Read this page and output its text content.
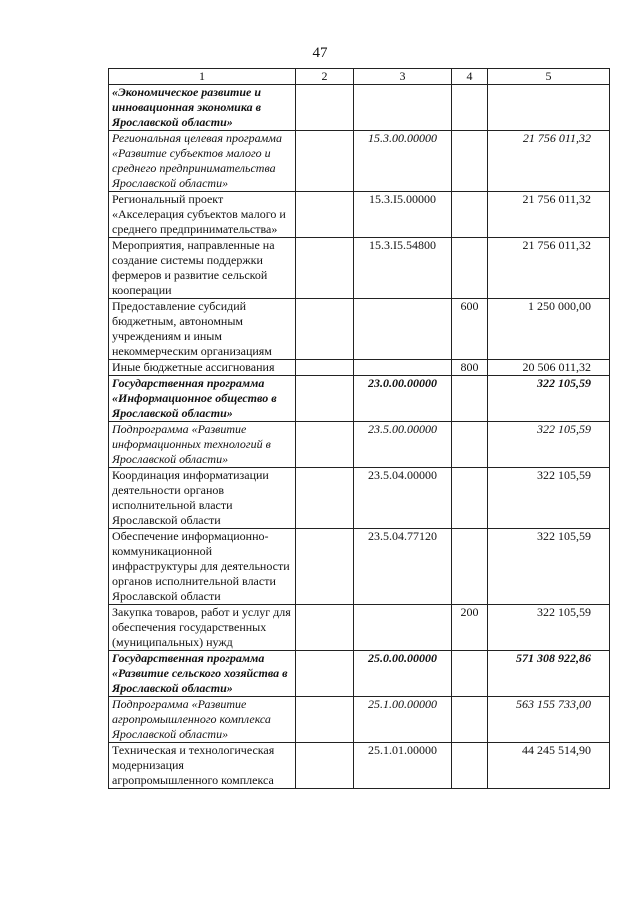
47
1	2	3	4	5
«Экономическое развитие и инновационная экономика в Ярославской области»				
Региональная целевая программа «Развитие субъектов малого и среднего предпринимательства Ярославской области»		15.3.00.00000		21 756 011,32
Региональный проект «Акселерация субъектов малого и среднего предпринимательства»		15.3.I5.00000		21 756 011,32
Мероприятия, направленные на создание системы поддержки фермеров и развитие сельской кооперации		15.3.I5.54800		21 756 011,32
Предоставление субсидий бюджетным, автономным учреждениям и иным некоммерческим организациям			600	1 250 000,00
Иные бюджетные ассигнования			800	20 506 011,32
Государственная программа «Информационное общество в Ярославской области»		23.0.00.00000		322 105,59
Подпрограмма «Развитие информационных технологий в Ярославской области»		23.5.00.00000		322 105,59
Координация информатизации деятельности органов исполнительной власти Ярославской области		23.5.04.00000		322 105,59
Обеспечение информационно-коммуникационной инфраструктуры для деятельности органов исполнительной власти Ярославской области		23.5.04.77120		322 105,59
Закупка товаров, работ и услуг для обеспечения государственных (муниципальных) нужд			200	322 105,59
Государственная программа «Развитие сельского хозяйства в Ярославской области»		25.0.00.00000		571 308 922,86
Подпрограмма «Развитие агропромышленного комплекса Ярославской области»		25.1.00.00000		563 155 733,00
Техническая и технологическая модернизация агропромышленного комплекса		25.1.01.00000		44 245 514,90
